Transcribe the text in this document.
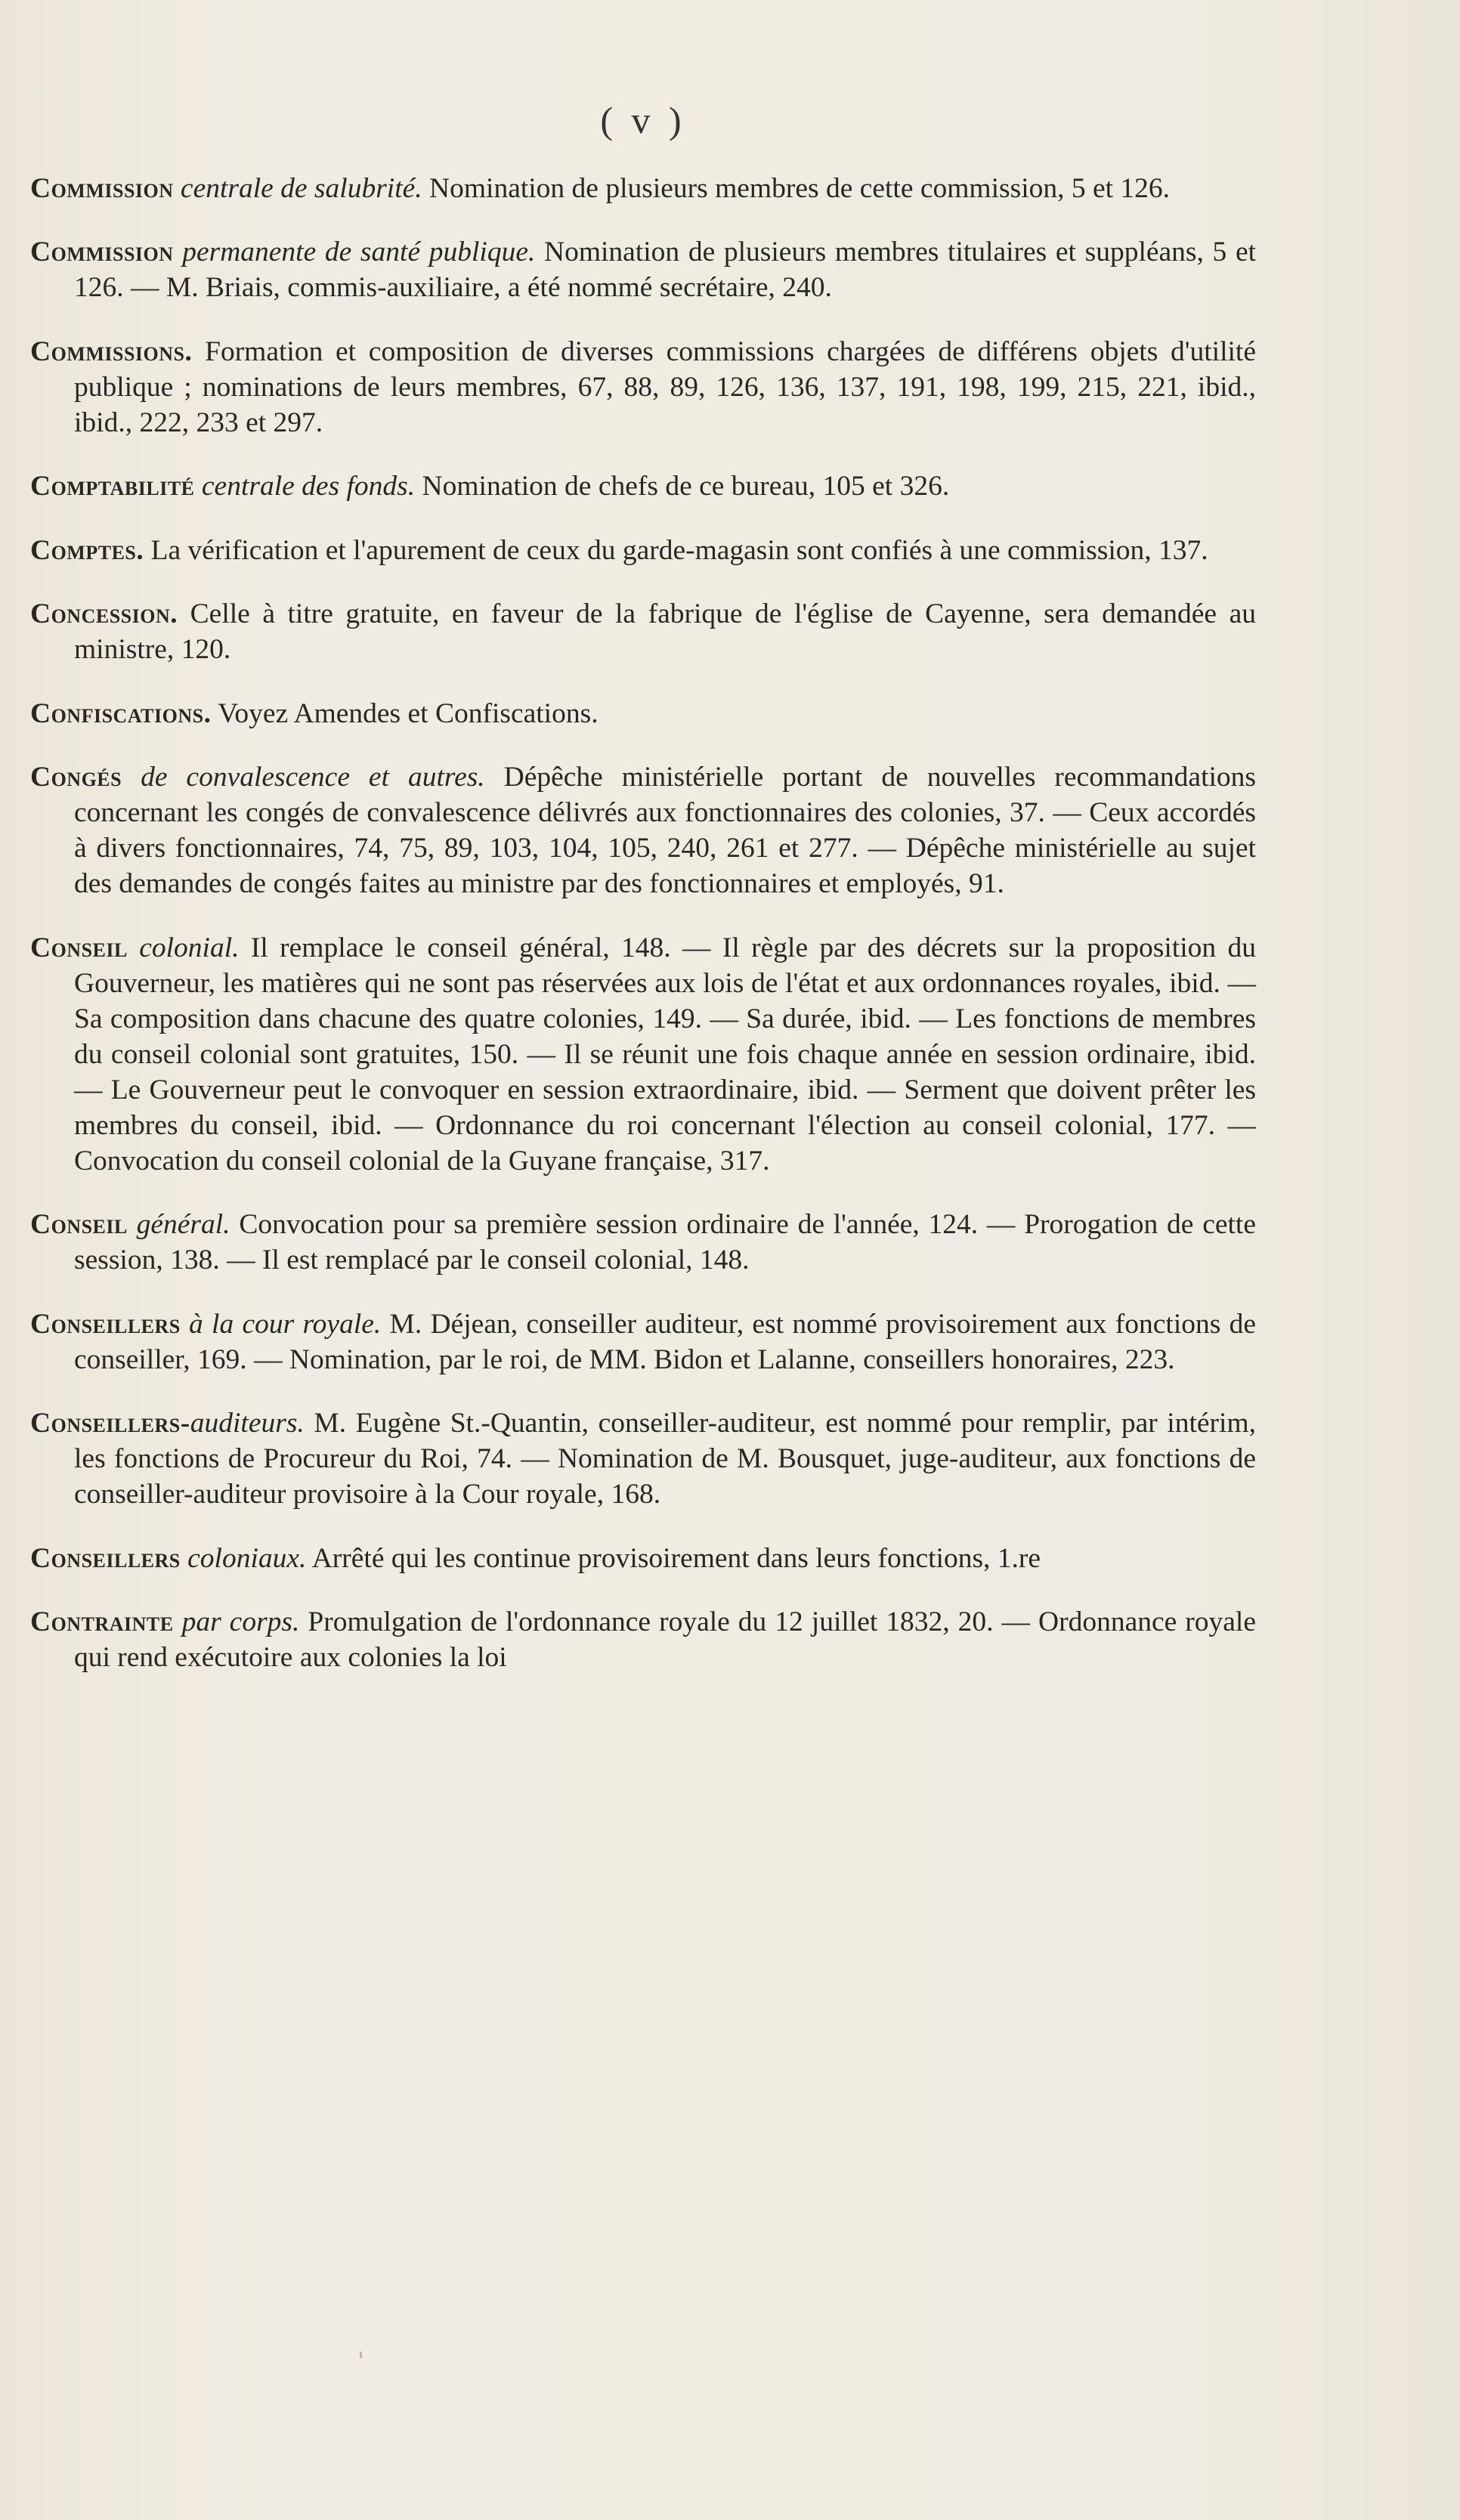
( v )

Commission centrale de salubrité. Nomination de plusieurs membres de cette commission, 5 et 126.

Commission permanente de santé publique. Nomination de plusieurs membres titulaires et suppléans, 5 et 126. — M. Briais, commis-auxiliaire, a été nommé secrétaire, 240.

Commissions. Formation et composition de diverses commissions chargées de différens objets d'utilité publique ; nominations de leurs membres, 67, 88, 89, 126, 136, 137, 191, 198, 199, 215, 221, ibid., ibid., 222, 233 et 297.

Comptabilité centrale des fonds. Nomination de chefs de ce bureau, 105 et 326.

Comptes. La vérification et l'apurement de ceux du garde-magasin sont confiés à une commission, 137.

Concession. Celle à titre gratuite, en faveur de la fabrique de l'église de Cayenne, sera demandée au ministre, 120.

Confiscations. Voyez Amendes et Confiscations.

Congés de convalescence et autres. Dépêche ministérielle portant de nouvelles recommandations concernant les congés de convalescence délivrés aux fonctionnaires des colonies, 37. — Ceux accordés à divers fonctionnaires, 74, 75, 89, 103, 104, 105, 240, 261 et 277. — Dépêche ministérielle au sujet des demandes de congés faites au ministre par des fonctionnaires et employés, 91.

Conseil colonial. Il remplace le conseil général, 148. — Il règle par des décrets sur la proposition du Gouverneur, les matières qui ne sont pas réservées aux lois de l'état et aux ordonnances royales, ibid. — Sa composition dans chacune des quatre colonies, 149. — Sa durée, ibid. — Les fonctions de membres du conseil colonial sont gratuites, 150. — Il se réunit une fois chaque année en session ordinaire, ibid. — Le Gouverneur peut le convoquer en session extraordinaire, ibid. — Serment que doivent prêter les membres du conseil, ibid. — Ordonnance du roi concernant l'élection au conseil colonial, 177. — Convocation du conseil colonial de la Guyane française, 317.

Conseil général. Convocation pour sa première session ordinaire de l'année, 124. — Prorogation de cette session, 138. — Il est remplacé par le conseil colonial, 148.

Conseillers à la cour royale. M. Déjean, conseiller auditeur, est nommé provisoirement aux fonctions de conseiller, 169. — Nomination, par le roi, de MM. Bidon et Lalanne, conseillers honoraires, 223.

Conseillers-auditeurs. M. Eugène St.-Quantin, conseiller-auditeur, est nommé pour remplir, par intérim, les fonctions de Procureur du Roi, 74. — Nomination de M. Bousquet, juge-auditeur, aux fonctions de conseiller-auditeur provisoire à la Cour royale, 168.

Conseillers coloniaux. Arrêté qui les continue provisoirement dans leurs fonctions, 1.re

Contrainte par corps. Promulgation de l'ordonnance royale du 12 juillet 1832, 20. — Ordonnance royale qui rend exécutoire aux colonies la loi
